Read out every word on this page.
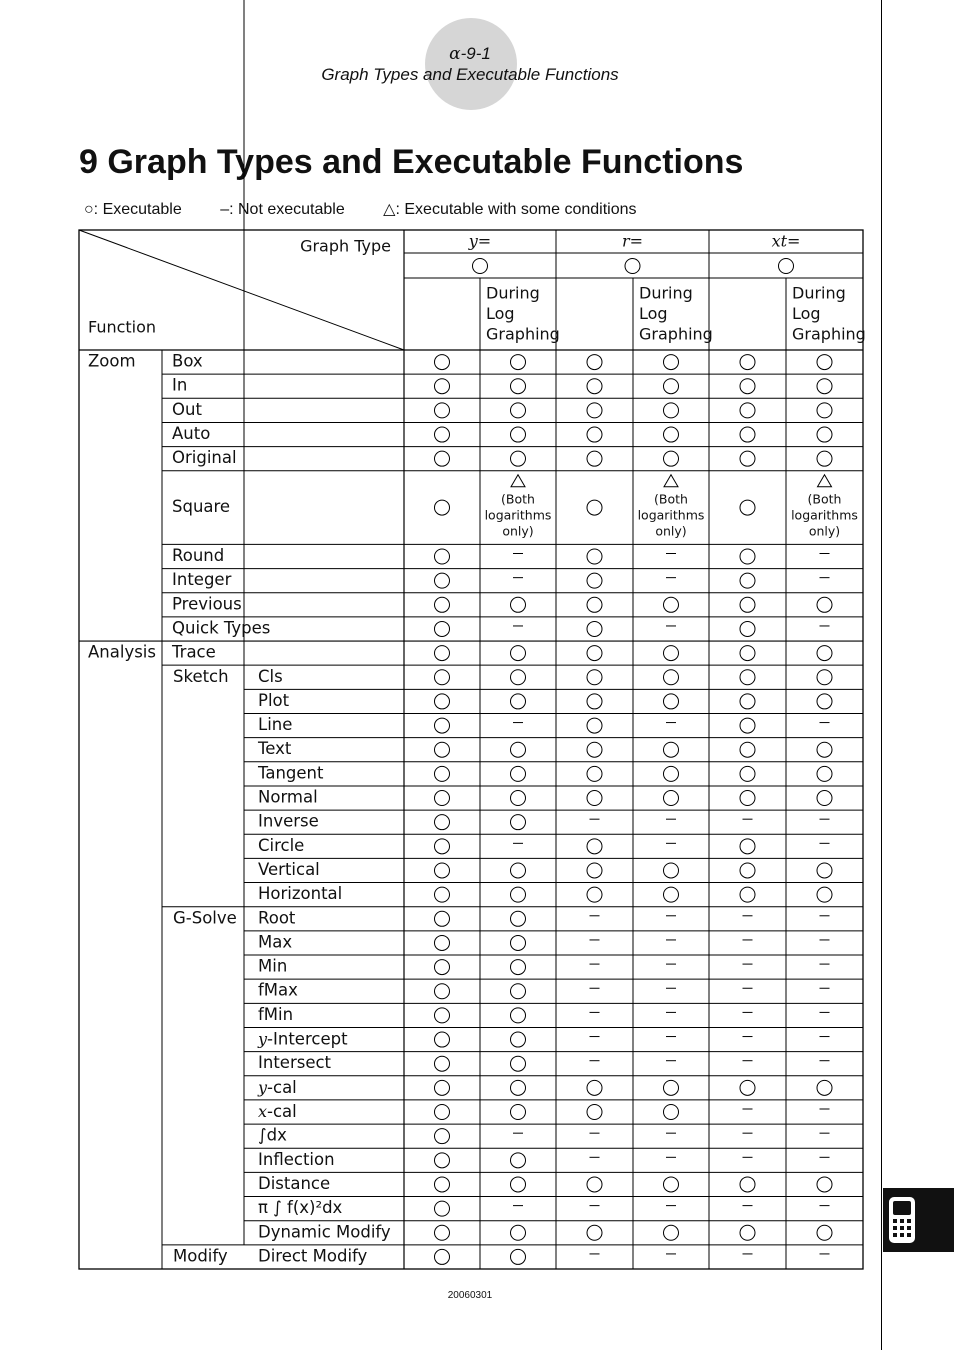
α-9-1
Graph Types and Executable Functions
9 Graph Types and Executable Functions
○: Executable –: Not executable △: Executable with some conditions
Graph Type
Function
y=
During
Log
Graphing
r=
During
Log
Graphing
xt=
During
Log
Graphing
Zoom
Analysis
Sketch
G-Solve
Modify
Box
In
Out
Auto
Original
Square	(Both
logarithms
only)
(Both
logarithms
only)
(Both
logarithms
only)
Round
Integer
Previous
Quick Types
Trace
Cls
Plot
Line
Text
Tangent
Normal
Inverse
Circle
Vertical
Horizontal
Root
Max
Min
fMax
fMin
y-Intercept
Intersect
y-cal
x-cal
∫dx
Inflection
Distance
π ∫ f(x)²dx
Dynamic Modify
Direct Modify
20060301
